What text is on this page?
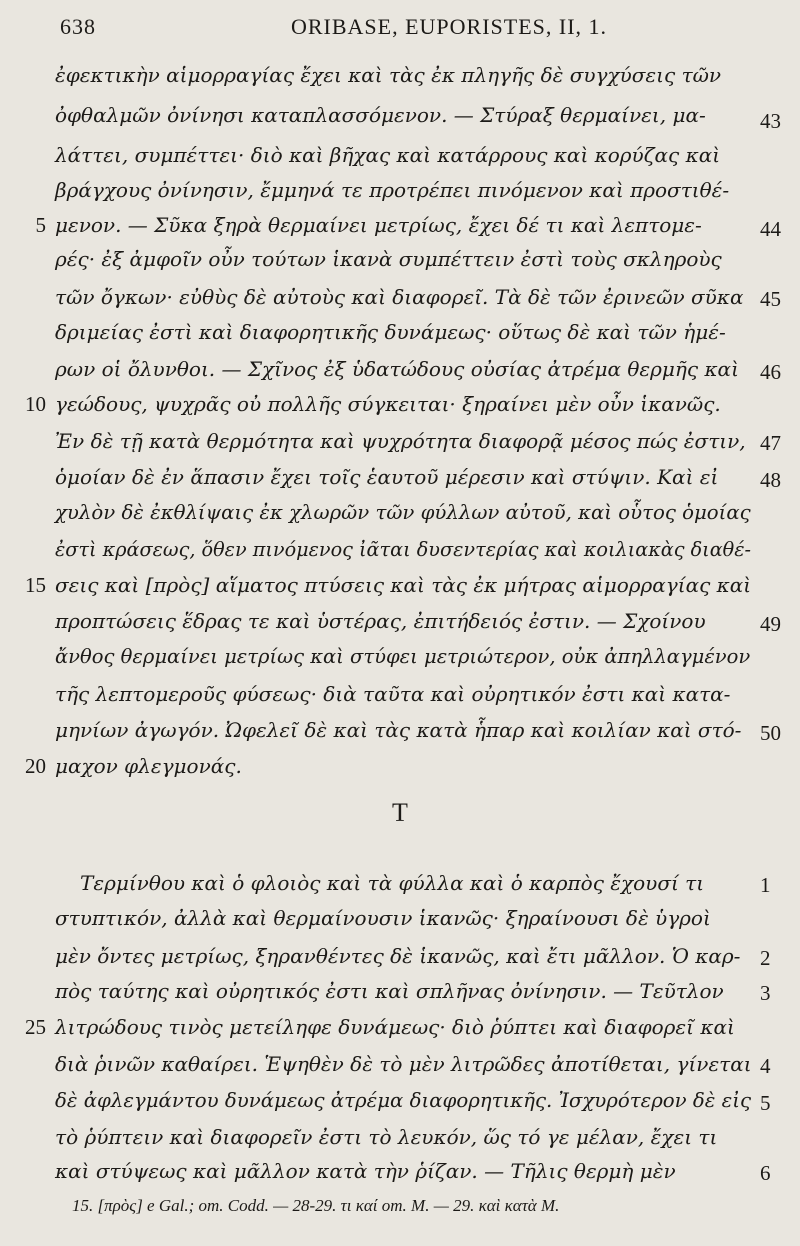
638	ORIBASE, EUPORISTES, II, 1.
ἐφεκτικὴν αἱμορραγίας ἔχει καὶ τὰς ἐκ πληγῆς δὲ συγχύσεις τῶν
ὀφθαλμῶν ὀνίνησι καταπλασσόμενον. — Στύραξ θερμαίνει, μα-
λάττει, συμπέττει· διὸ καὶ βῆχας καὶ κατάρρους καὶ κορύζας καὶ
βράγχους ὀνίνησιν, ἔμμηνά τε προτρέπει πινόμενον καὶ προστιθέ-
μενον. — Σῦκα ξηρὰ θερμαίνει μετρίως, ἔχει δέ τι καὶ λεπτομε-
ρές· ἐξ ἀμφοῖν οὖν τούτων ἱκανὰ συμπέττειν ἐστὶ τοὺς σκληροὺς
τῶν ὄγκων· εὐθὺς δὲ αὐτοὺς καὶ διαφορεῖ. Τὰ δὲ τῶν ἐρινεῶν σῦκα
δριμείας ἐστὶ καὶ διαφορητικῆς δυνάμεως· οὕτως δὲ καὶ τῶν ἡμέ-
ρων οἱ ὄλυνθοι. — Σχῖνος ἐξ ὑδατώδους οὐσίας ἀτρέμα θερμῆς καὶ
γεώδους, ψυχρᾶς οὐ πολλῆς σύγκειται· ξηραίνει μὲν οὖν ἱκανῶς.
Ἐν δὲ τῇ κατὰ θερμότητα καὶ ψυχρότητα διαφορᾷ μέσος πώς ἐστιν,
ὁμοίαν δὲ ἐν ἅπασιν ἔχει τοῖς ἑαυτοῦ μέρεσιν καὶ στύψιν. Καὶ εἰ
χυλὸν δὲ ἐκθλίψαις ἐκ χλωρῶν τῶν φύλλων αὐτοῦ, καὶ οὗτος ὁμοίας
ἐστὶ κράσεως, ὅθεν πινόμενος ἰᾶται δυσεντερίας καὶ κοιλιακὰς διαθέ-
σεις καὶ [πρὸς] αἵματος πτύσεις καὶ τὰς ἐκ μήτρας αἱμορραγίας καὶ
προπτώσεις ἕδρας τε καὶ ὑστέρας, ἐπιτήδειός ἐστιν. — Σχοίνου
ἄνθος θερμαίνει μετρίως καὶ στύφει μετριώτερον, οὐκ ἀπηλλαγμένον
τῆς λεπτομεροῦς φύσεως· διὰ ταῦτα καὶ οὐρητικόν ἐστι καὶ κατα-
μηνίων ἀγωγόν. Ὠφελεῖ δὲ καὶ τὰς κατὰ ἧπαρ καὶ κοιλίαν καὶ στό-
μαχον φλεγμονάς.
Τ
Τερμίνθου καὶ ὁ φλοιὸς καὶ τὰ φύλλα καὶ ὁ καρπὸς ἔχουσί τι
στυπτικόν, ἀλλὰ καὶ θερμαίνουσιν ἱκανῶς· ξηραίνουσι δὲ ὑγροὶ
μὲν ὄντες μετρίως, ξηρανθέντες δὲ ἱκανῶς, καὶ ἔτι μᾶλλον. Ὁ καρ-
πὸς ταύτης καὶ οὐρητικός ἐστι καὶ σπλῆνας ὀνίνησιν. — Τεῦτλον
λιτρώδους τινὸς μετείληφε δυνάμεως· διὸ ῥύπτει καὶ διαφορεῖ καὶ
διὰ ῥινῶν καθαίρει. Ἑψηθὲν δὲ τὸ μὲν λιτρῶδες ἀποτίθεται, γίνεται
δὲ ἀφλεγμάντου δυνάμεως ἀτρέμα διαφορητικῆς. Ἰσχυρότερον δὲ εἰς
τὸ ῥύπτειν καὶ διαφορεῖν ἐστι τὸ λευκόν, ὥς τό γε μέλαν, ἔχει τι
καὶ στύψεως καὶ μᾶλλον κατὰ τὴν ῥίζαν. — Τῆλις θερμὴ μὲν
5
10
15
20
25
43
44
45
46
47
48
49
50
1
2
3
4
5
6
15. [πρὸς] e Gal.; om. Codd. — 28-29. τι καί om. M. — 29. καὶ κατὰ M.
